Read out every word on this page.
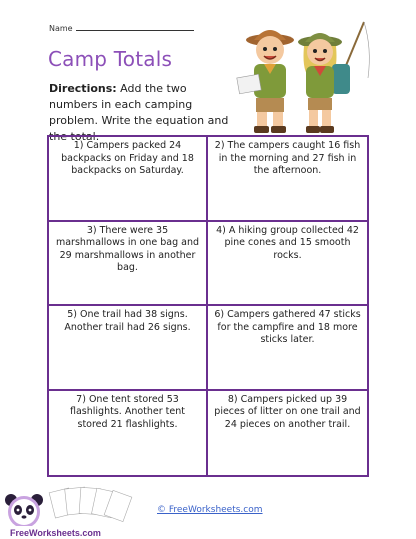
Name
Camp Totals
Directions: Add the two numbers in each camping problem. Write the equation and the total.
1) Campers packed 24 backpacks on Friday and 18 backpacks on Saturday.
2) The campers caught 16 fish in the morning and 27 fish in the afternoon.
3) There were 35 marshmallows in one bag and 29 marshmallows in another bag.
4) A hiking group collected 42 pine cones and 15 smooth rocks.
5) One trail had 38 signs. Another trail had 26 signs.
6) Campers gathered 47 sticks for the campfire and 18 more sticks later.
7) One tent stored 53 flashlights. Another tent stored 21 flashlights.
8) Campers picked up 39 pieces of litter on one trail and 24 pieces on another trail.
FreeWorksheets.com
© FreeWorksheets.com
